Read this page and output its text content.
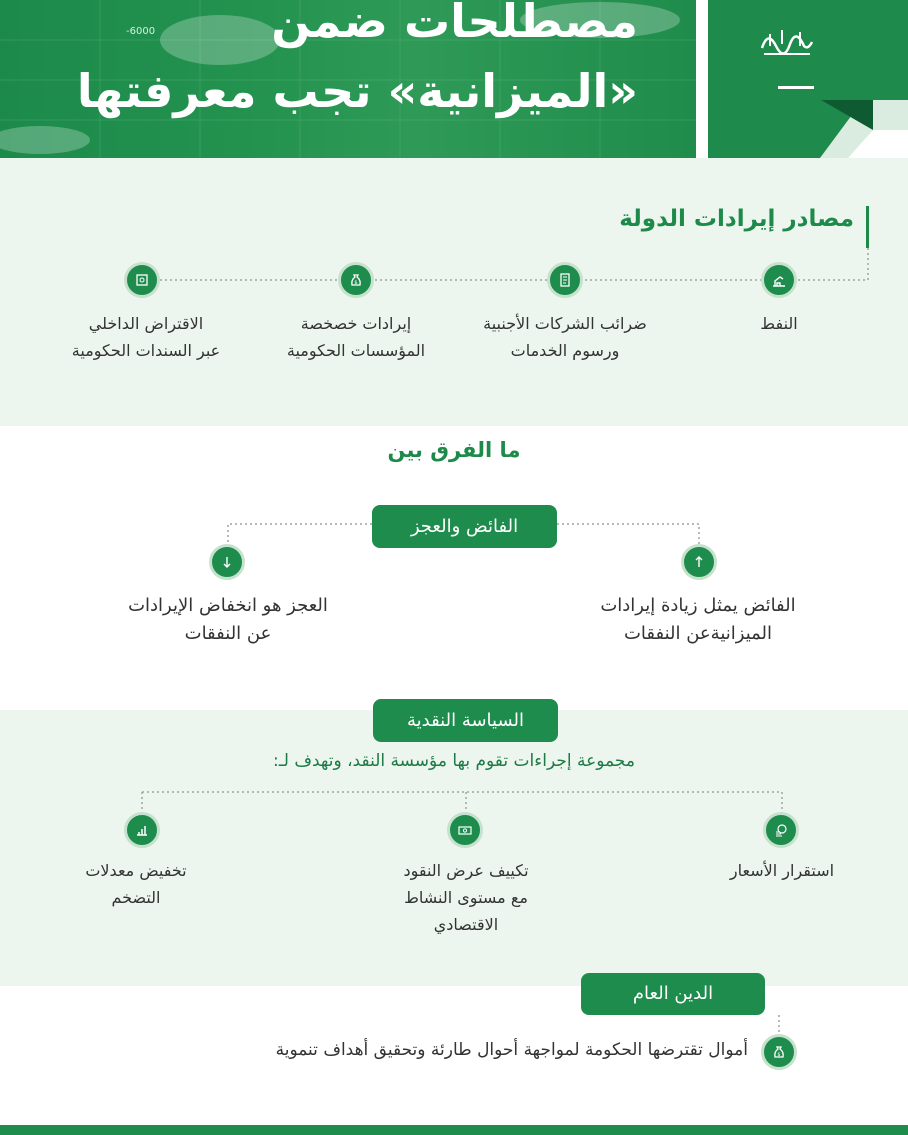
-6000	مصطلحات ضمن
«الميزانية» تجب معرفتها
مصادر إيرادات الدولة
$
النفط
ضرائب الشركات الأجنبية
ورسوم الخدمات
إيرادات خصخصة
المؤسسات الحكومية
الاقتراض الداخلي
عبر السندات الحكومية
ما الفرق بين
الفائض والعجز
الفائض يمثل زيادة إيرادات
الميزانيةعن النفقات
العجز هو انخفاض الإيرادات
عن النفقات
السياسة النقدية
مجموعة إجراءات تقوم بها مؤسسة النقد، وتهدف لـ:
استقرار الأسعار
تكييف عرض النقود
مع مستوى النشاط
الاقتصادي
تخفيض معدلات
التضخم
الدين العام
$
أموال تقترضها الحكومة لمواجهة أحوال طارئة وتحقيق أهداف تنموية
